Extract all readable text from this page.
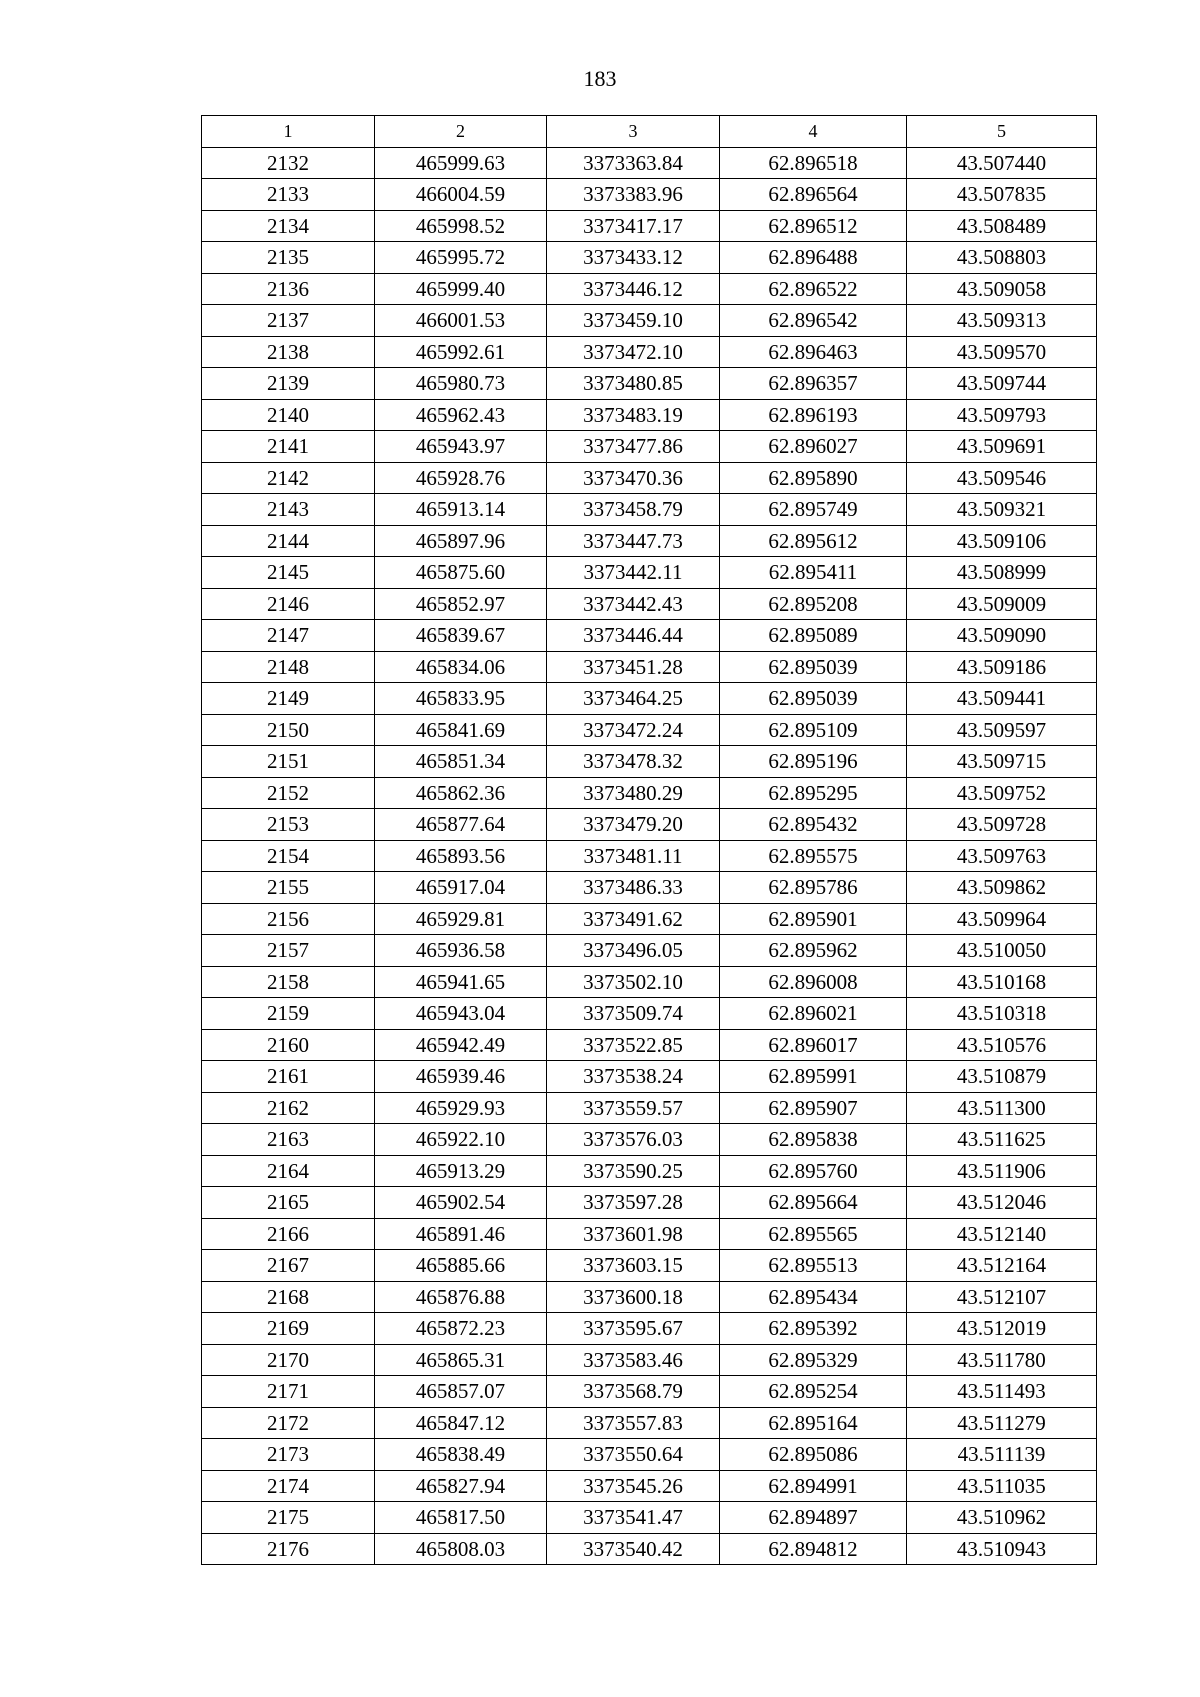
183
1	2	3	4	5
2132	465999.63	3373363.84	62.896518	43.507440
2133	466004.59	3373383.96	62.896564	43.507835
2134	465998.52	3373417.17	62.896512	43.508489
2135	465995.72	3373433.12	62.896488	43.508803
2136	465999.40	3373446.12	62.896522	43.509058
2137	466001.53	3373459.10	62.896542	43.509313
2138	465992.61	3373472.10	62.896463	43.509570
2139	465980.73	3373480.85	62.896357	43.509744
2140	465962.43	3373483.19	62.896193	43.509793
2141	465943.97	3373477.86	62.896027	43.509691
2142	465928.76	3373470.36	62.895890	43.509546
2143	465913.14	3373458.79	62.895749	43.509321
2144	465897.96	3373447.73	62.895612	43.509106
2145	465875.60	3373442.11	62.895411	43.508999
2146	465852.97	3373442.43	62.895208	43.509009
2147	465839.67	3373446.44	62.895089	43.509090
2148	465834.06	3373451.28	62.895039	43.509186
2149	465833.95	3373464.25	62.895039	43.509441
2150	465841.69	3373472.24	62.895109	43.509597
2151	465851.34	3373478.32	62.895196	43.509715
2152	465862.36	3373480.29	62.895295	43.509752
2153	465877.64	3373479.20	62.895432	43.509728
2154	465893.56	3373481.11	62.895575	43.509763
2155	465917.04	3373486.33	62.895786	43.509862
2156	465929.81	3373491.62	62.895901	43.509964
2157	465936.58	3373496.05	62.895962	43.510050
2158	465941.65	3373502.10	62.896008	43.510168
2159	465943.04	3373509.74	62.896021	43.510318
2160	465942.49	3373522.85	62.896017	43.510576
2161	465939.46	3373538.24	62.895991	43.510879
2162	465929.93	3373559.57	62.895907	43.511300
2163	465922.10	3373576.03	62.895838	43.511625
2164	465913.29	3373590.25	62.895760	43.511906
2165	465902.54	3373597.28	62.895664	43.512046
2166	465891.46	3373601.98	62.895565	43.512140
2167	465885.66	3373603.15	62.895513	43.512164
2168	465876.88	3373600.18	62.895434	43.512107
2169	465872.23	3373595.67	62.895392	43.512019
2170	465865.31	3373583.46	62.895329	43.511780
2171	465857.07	3373568.79	62.895254	43.511493
2172	465847.12	3373557.83	62.895164	43.511279
2173	465838.49	3373550.64	62.895086	43.511139
2174	465827.94	3373545.26	62.894991	43.511035
2175	465817.50	3373541.47	62.894897	43.510962
2176	465808.03	3373540.42	62.894812	43.510943
